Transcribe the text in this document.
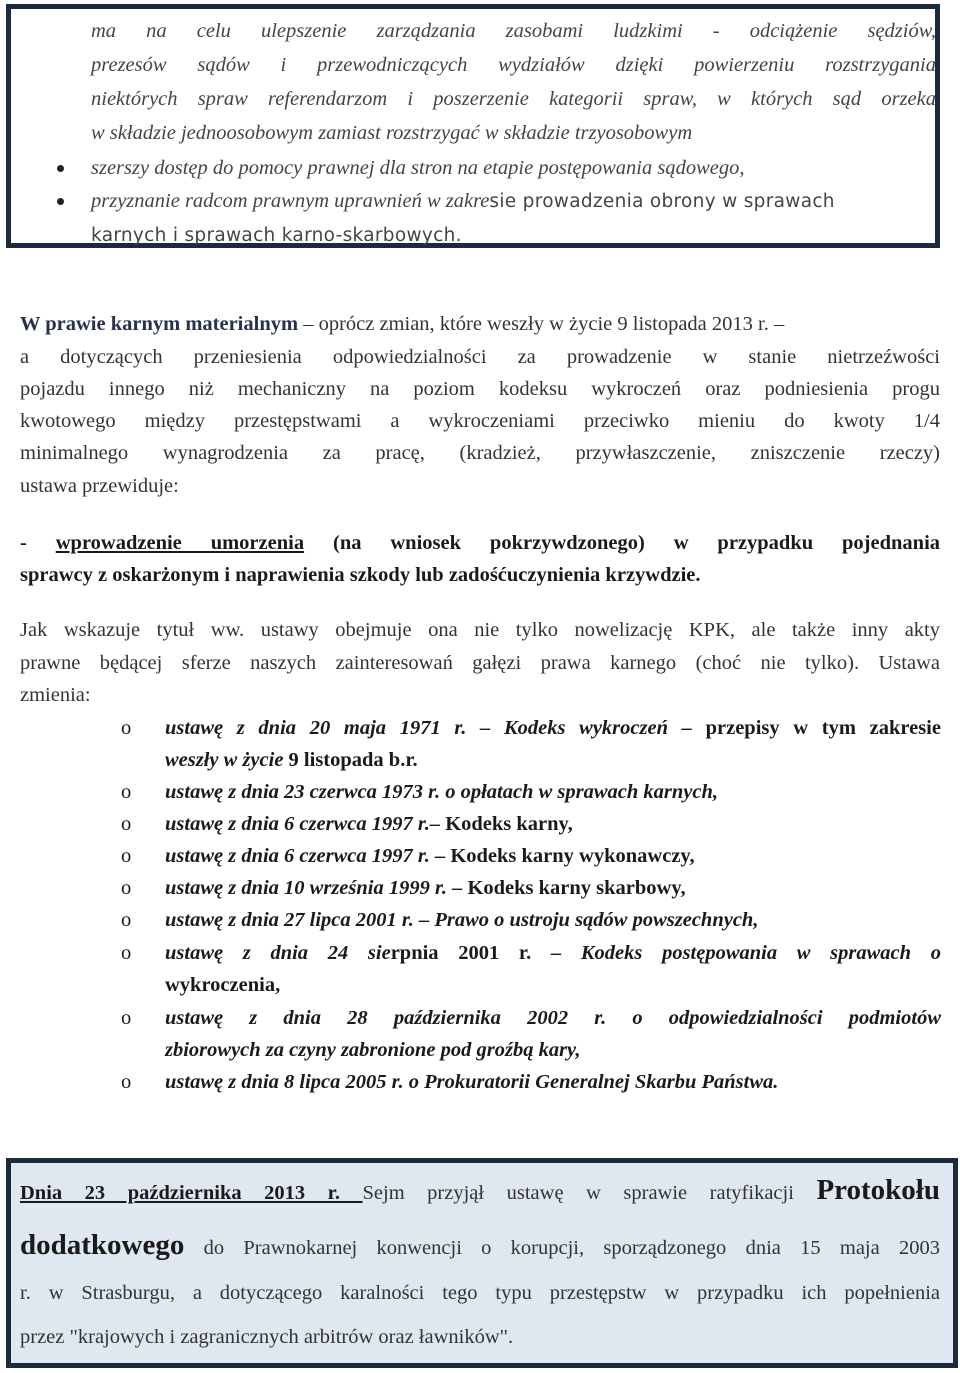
ma na celu ulepszenie zarządzania zasobami ludzkimi - odciążenie sędziów,
prezesów sądów i przewodniczących wydziałów dzięki powierzeniu rozstrzygania
niektórych spraw referendarzom i poszerzenie kategorii spraw, w których sąd orzeka
w składzie jednoosobowym zamiast rozstrzygać w składzie trzyosobowym
szerszy dostęp do pomocy prawnej dla stron na etapie postępowania sądowego,
przyznanie radcom prawnym uprawnień w zakresie prowadzenia obrony w sprawach
karnych i sprawach karno-skarbowych.
W prawie karnym materialnym – oprócz zmian, które weszły w życie 9 listopada 2013 r. –
a dotyczących przeniesienia odpowiedzialności za prowadzenie w stanie nietrzeźwości
pojazdu innego niż mechaniczny na poziom kodeksu wykroczeń oraz podniesienia progu
kwotowego między przestępstwami a wykroczeniami przeciwko mieniu do kwoty 1/4
minimalnego wynagrodzenia za pracę, (kradzież, przywłaszczenie, zniszczenie rzeczy)
ustawa przewiduje:
- wprowadzenie umorzenia (na wniosek pokrzywdzonego) w przypadku pojednania
sprawcy z oskarżonym i naprawienia szkody lub zadośćuczynienia krzywdzie.
Jak wskazuje tytuł ww. ustawy obejmuje ona nie tylko nowelizację KPK, ale także inny akty
prawne będącej sferze naszych zainteresowań gałęzi prawa karnego (choć nie tylko). Ustawa
zmienia:
o ustawę z dnia 20 maja 1971 r. – Kodeks wykroczeń – przepisy w tym zakresie
weszły w życie 9 listopada b.r.
o ustawę z dnia 23 czerwca 1973 r. o opłatach w sprawach karnych,
o ustawę z dnia 6 czerwca 1997 r.– Kodeks karny,
o ustawę z dnia 6 czerwca 1997 r. – Kodeks karny wykonawczy,
o ustawę z dnia 10 września 1999 r. – Kodeks karny skarbowy,
o ustawę z dnia 27 lipca 2001 r. – Prawo o ustroju sądów powszechnych,
o ustawę z dnia 24 sierpnia 2001 r. – Kodeks postępowania w sprawach o
wykroczenia,
o ustawę z dnia 28 października 2002 r. o odpowiedzialności podmiotów
zbiorowych za czyny zabronione pod groźbą kary,
o ustawę z dnia 8 lipca 2005 r. o Prokuratorii Generalnej Skarbu Państwa.
Dnia 23 października 2013 r. Sejm przyjął ustawę w sprawie ratyfikacji Protokołu
dodatkowego do Prawnokarnej konwencji o korupcji, sporządzonego dnia 15 maja 2003
r. w Strasburgu, a dotyczącego karalności tego typu przestępstw w przypadku ich popełnienia
przez "krajowych i zagranicznych arbitrów oraz ławników".
